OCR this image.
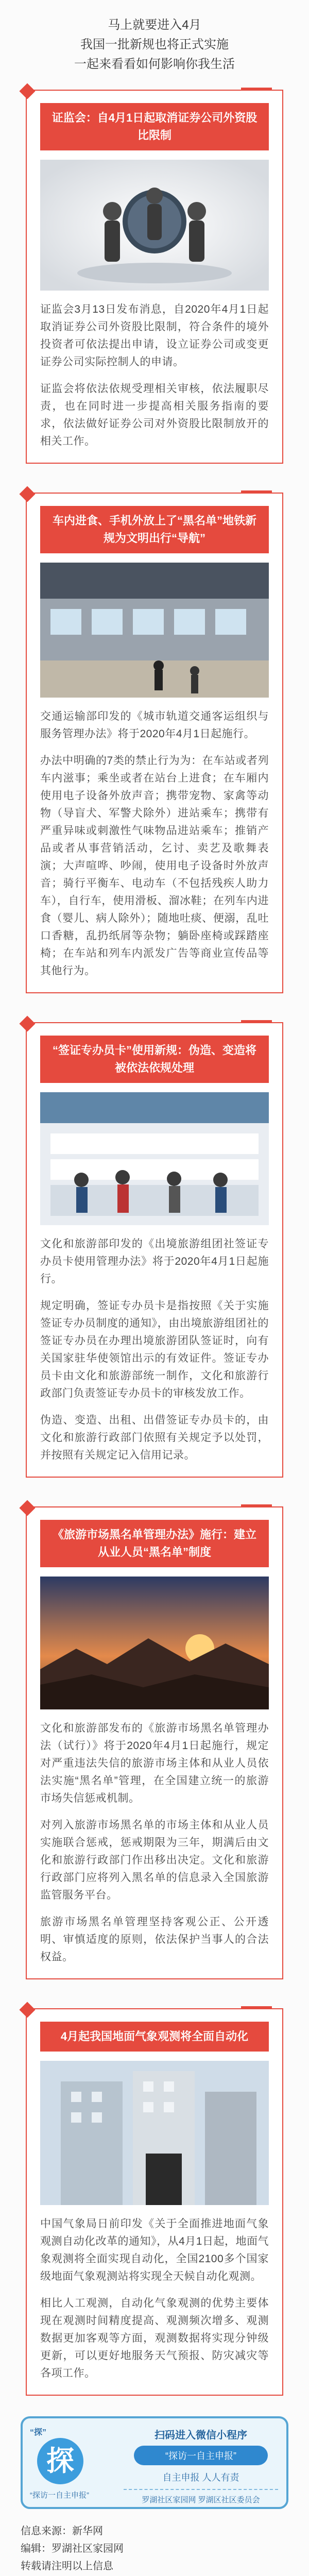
马上就要进入4月

我国一批新规也将正式实施

一起来看看如何影响你我生活

证监会：自4月1日起取消证券公司外资股比限制

证监会3月13日发布消息，自2020年4月1日起取消证券公司外资股比限制，符合条件的境外投资者可依法提出申请，设立证券公司或变更证券公司实际控制人的申请。

证监会将依法依规受理相关审核，依法履职尽责，也在同时进一步提高相关服务指南的要求，依法做好证券公司对外资股比限制放开的相关工作。

车内进食、手机外放上了“黑名单”地铁新规为文明出行“导航”

交通运输部印发的《城市轨道交通客运组织与服务管理办法》将于2020年4月1日起施行。

办法中明确的7类的禁止行为为：在车站或者列车内滋事；乘坐或者在站台上进食；在车厢内使用电子设备外放声音；携带宠物、家禽等动物（导盲犬、军警犬除外）进站乘车；携带有严重异味或刺激性气味物品进站乘车；推销产品或者从事营销活动，乞讨、卖艺及歌舞表演；大声喧哗、吵闹，使用电子设备时外放声音；骑行平衡车、电动车（不包括残疾人助力车），自行车，使用滑板、溜冰鞋；在列车内进食（婴儿、病人除外）；随地吐痰、便溺，乱吐口香糖，乱扔纸屑等杂物；躺卧座椅或踩踏座椅；在车站和列车内派发广告等商业宣传品等其他行为。

“签证专办员卡”使用新规：伪造、变造将被依法依规处理

文化和旅游部印发的《出境旅游组团社签证专办员卡使用管理办法》将于2020年4月1日起施行。

规定明确，签证专办员卡是指按照《关于实施签证专办员制度的通知》，由出境旅游组团社的签证专办员在办理出境旅游团队签证时，向有关国家驻华使领馆出示的有效证件。签证专办员卡由文化和旅游部统一制作，文化和旅游行政部门负责签证专办员卡的审核发放工作。

伪造、变造、出租、出借签证专办员卡的，由文化和旅游行政部门依照有关规定予以处罚，并按照有关规定记入信用记录。

《旅游市场黑名单管理办法》施行：建立从业人员“黑名单”制度

文化和旅游部发布的《旅游市场黑名单管理办法（试行）》将于2020年4月1日起施行，规定对严重违法失信的旅游市场主体和从业人员依法实施“黑名单”管理，在全国建立统一的旅游市场失信惩戒机制。

对列入旅游市场黑名单的市场主体和从业人员实施联合惩戒，惩戒期限为三年，期满后由文化和旅游行政部门作出移出决定。文化和旅游行政部门应将列入黑名单的信息录入全国旅游监管服务平台。

旅游市场黑名单管理坚持客观公正、公开透明、审慎适度的原则，依法保护当事人的合法权益。

4月起我国地面气象观测将全面自动化

中国气象局日前印发《关于全面推进地面气象观测自动化改革的通知》，从4月1日起，地面气象观测将全面实现自动化，全国2100多个国家级地面气象观测站将实现全天候自动化观测。

相比人工观测，自动化气象观测的优势主要体现在观测时间精度提高、观测频次增多、观测数据更加客观等方面，观测数据将实现分钟级更新，可以更好地服务天气预报、防灾减灾等各项工作。

“探”
探
“探访一自主申报”
扫码进入微信小程序
“探访一自主申报”
自主申报 人人有责
罗湖社区家园网 罗湖区社区委员会
信息来源：新华网
编辑：罗湖社区家园网
转载请注明以上信息
